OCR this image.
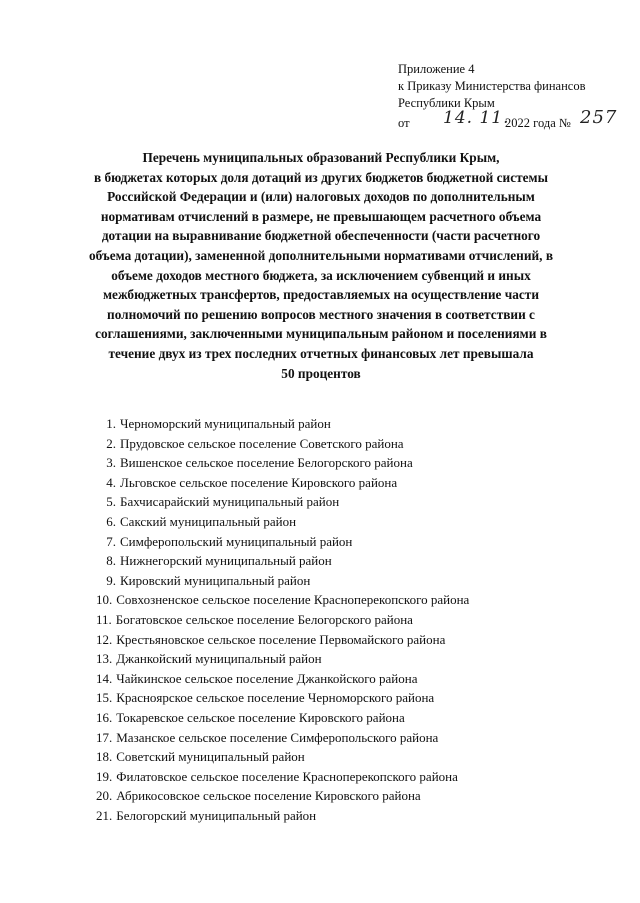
Приложение 4
к Приказу Министерства финансов
Республики Крым
от 14. 11.
2022 года № 257
Перечень муниципальных образований Республики Крым,
в бюджетах которых доля дотаций из других бюджетов бюджетной системы
Российской Федерации и (или) налоговых доходов по дополнительным
нормативам отчислений в размере, не превышающем расчетного объема
дотации на выравнивание бюджетной обеспеченности (части расчетного
объема дотации), замененной дополнительными нормативами отчислений, в
объеме доходов местного бюджета, за исключением субвенций и иных
межбюджетных трансфертов, предоставляемых на осуществление части
полномочий по решению вопросов местного значения в соответствии с
соглашениями, заключенными муниципальным районом и поселениями в
течение двух из трех последних отчетных финансовых лет превышала
50 процентов
1. Черноморский муниципальный район
2. Прудовское сельское поселение Советского района
3. Вишенское сельское поселение Белогорского района
4. Льговское сельское поселение Кировского района
5. Бахчисарайский муниципальный район
6. Сакский муниципальный район
7. Симферопольский муниципальный район
8. Нижнегорский муниципальный район
9. Кировский муниципальный район
10. Совхозненское сельское поселение Красноперекопского района
11. Богатовское сельское поселение Белогорского района
12. Крестьяновское сельское поселение Первомайского района
13. Джанкойский муниципальный район
14. Чайкинское сельское поселение Джанкойского района
15. Краснoярское сельское поселение Черноморского района
16. Токаревское сельское поселение Кировского района
17. Мазанское сельское поселение Симферопольского района
18. Советский муниципальный район
19. Филатовское сельское поселение Красноперекопского района
20. Абрикосовское сельское поселение Кировского района
21. Белогорский муниципальный район
